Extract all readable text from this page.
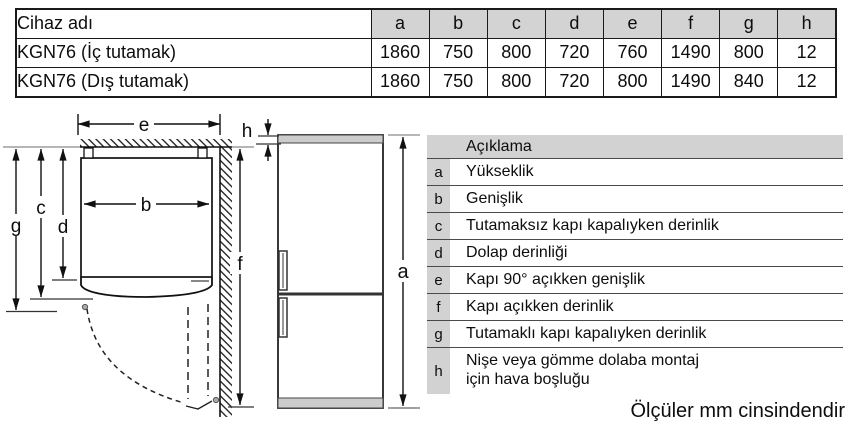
Cihaz adı	a	b	c	d	e	f	g	h
KGN76 (İç tutamak)	1860	750	800	720	760	1490	800	12
KGN76 (Dış tutamak)	1860	750	800	720	800	1490	840	12
e
b
g
c
d
f
h
a
Açıklama
a	Yükseklik
b	Genişlik
c	Tutamaksız kapı kapalıyken derinlik
d	Dolap derinliği
e	Kapı 90° açıkken genişlik
f	Kapı açıkken derinlik
g	Tutamaklı kapı kapalıyken derinlik
h
Nişe veya gömme dolaba montaj
için hava boşluğu
Ölçüler mm cinsindendir
